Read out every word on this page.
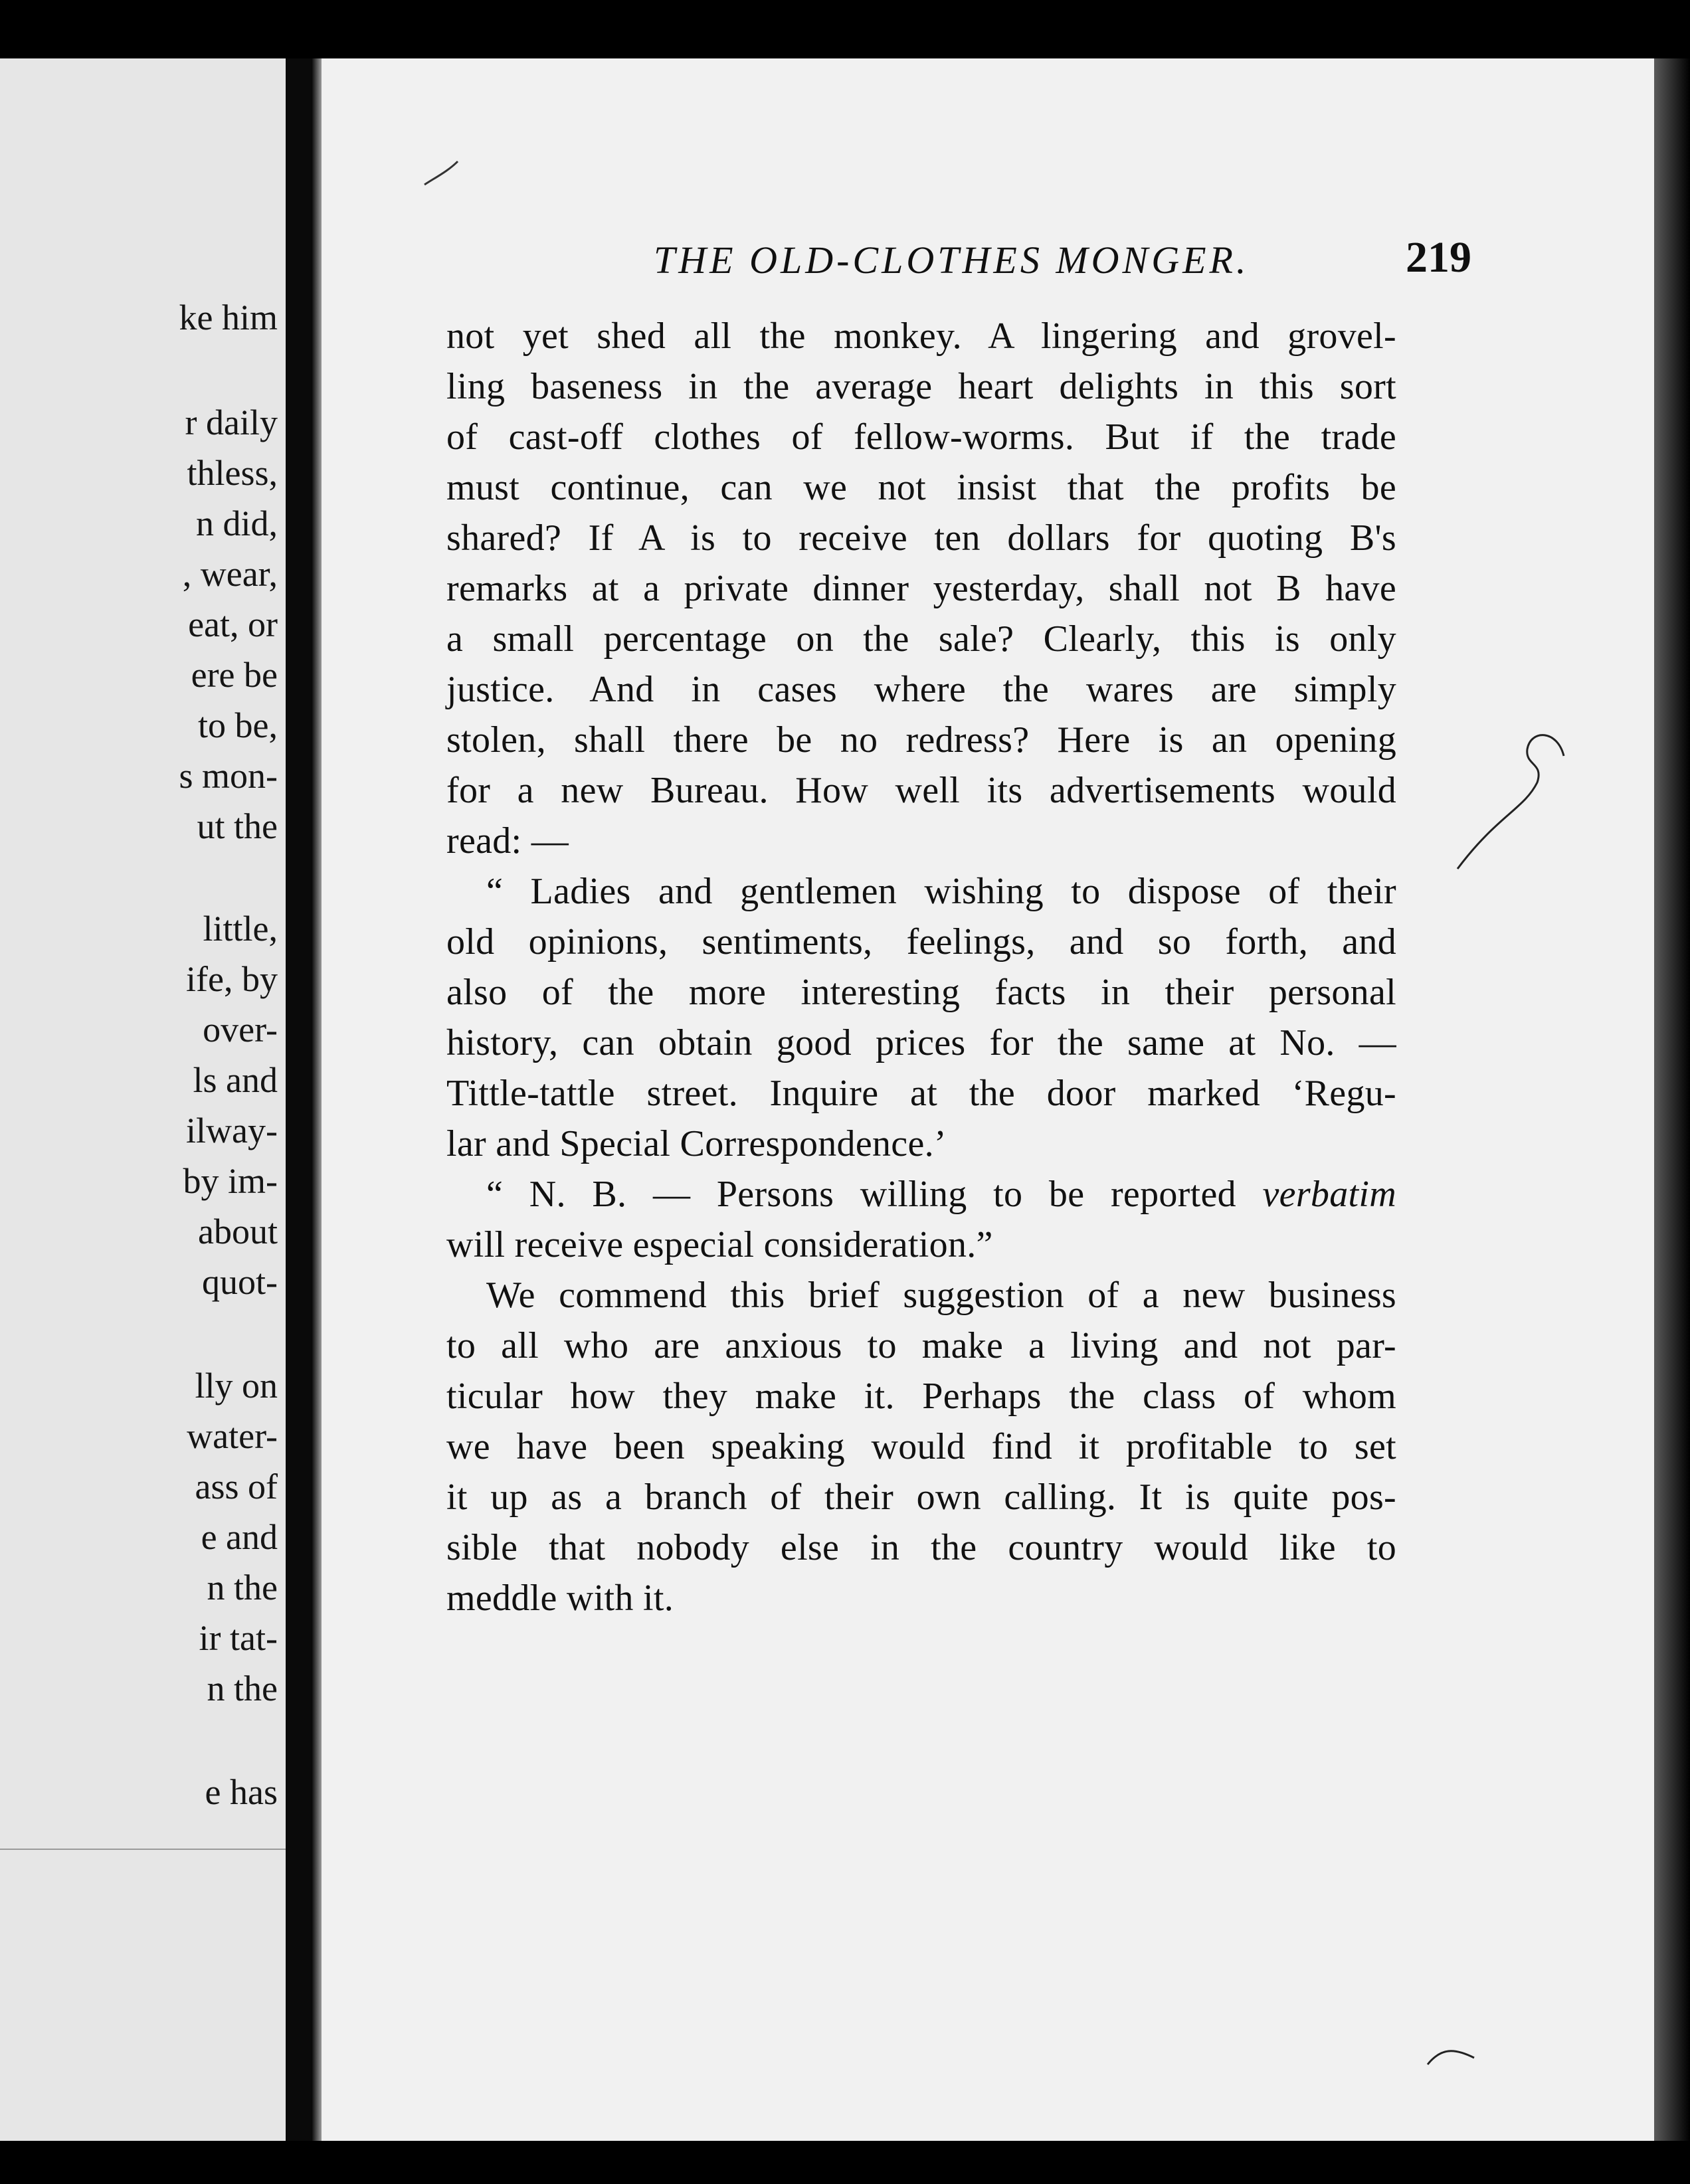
ke him
r daily
thless,
n did,
, wear,
eat, or
ere be
to be,
s mon-
ut the
little,
ife, by
over-
ls and
ilway-
by im-
about
quot-
lly on
water-
ass of
e and
n the
ir tat-
n the
e has
THE OLD-CLOTHES MONGER.	219
not yet shed all the monkey. A lingering and grovel-
ling baseness in the average heart delights in this sort
of cast-off clothes of fellow-worms. But if the trade
must continue, can we not insist that the profits be
shared? If A is to receive ten dollars for quoting B's
remarks at a private dinner yesterday, shall not B have
a small percentage on the sale? Clearly, this is only
justice. And in cases where the wares are simply
stolen, shall there be no redress? Here is an opening
for a new Bureau. How well its advertisements would
read: —
“ Ladies and gentlemen wishing to dispose of their
old opinions, sentiments, feelings, and so forth, and
also of the more interesting facts in their personal
history, can obtain good prices for the same at No. —
Tittle-tattle street. Inquire at the door marked ‘Regu-
lar and Special Correspondence.’
“ N. B. — Persons willing to be reported verbatim
will receive especial consideration.”
We commend this brief suggestion of a new business
to all who are anxious to make a living and not par-
ticular how they make it. Perhaps the class of whom
we have been speaking would find it profitable to set
it up as a branch of their own calling. It is quite pos-
sible that nobody else in the country would like to
meddle with it.
